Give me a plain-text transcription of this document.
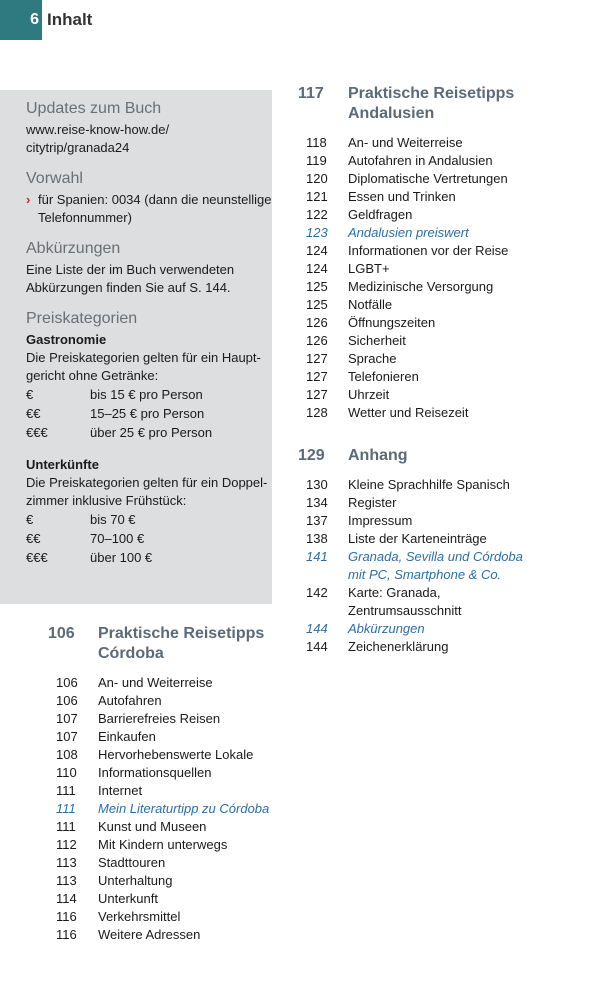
6 Inhalt
Updates zum Buch
www.reise-know-how.de/
citytrip/granada24
Vorwahl
› für Spanien: 0034 (dann die neunstellige
Telefonnummer)
Abkürzungen
Eine Liste der im Buch verwendeten
Abkürzungen finden Sie auf S. 144.
Preiskategorien
Gastronomie
Die Preiskategorien gelten für ein Haupt-
gericht ohne Getränke:
€	bis 15 € pro Person
€€	15–25 € pro Person
€€€	über 25 € pro Person
Unterkünfte
Die Preiskategorien gelten für ein Doppel-
zimmer inklusive Frühstück:
€	bis 70 €
€€	70–100 €
€€€	über 100 €
106	Praktische Reisetipps
Córdoba
106	An- und Weiterreise
106	Autofahren
107	Barrierefreies Reisen
107	Einkaufen
108	Hervorhebenswerte Lokale
110	Informationsquellen
111	Internet
111	Mein Literaturtipp zu Córdoba
111	Kunst und Museen
112	Mit Kindern unterwegs
113	Stadttouren
113	Unterhaltung
114	Unterkunft
116	Verkehrsmittel
116	Weitere Adressen
117	Praktische Reisetipps
Andalusien
118	An- und Weiterreise
119	Autofahren in Andalusien
120	Diplomatische Vertretungen
121	Essen und Trinken
122	Geldfragen
123	Andalusien preiswert
124	Informationen vor der Reise
124	LGBT+
125	Medizinische Versorgung
125	Notfälle
126	Öffnungszeiten
126	Sicherheit
127	Sprache
127	Telefonieren
127	Uhrzeit
128	Wetter und Reisezeit
129	Anhang
130	Kleine Sprachhilfe Spanisch
134	Register
137	Impressum
138	Liste der Karteneinträge
141	Granada, Sevilla und Córdoba
mit PC, Smartphone & Co.
142	Karte: Granada,
Zentrumsausschnitt
144	Abkürzungen
144	Zeichenerklärung
